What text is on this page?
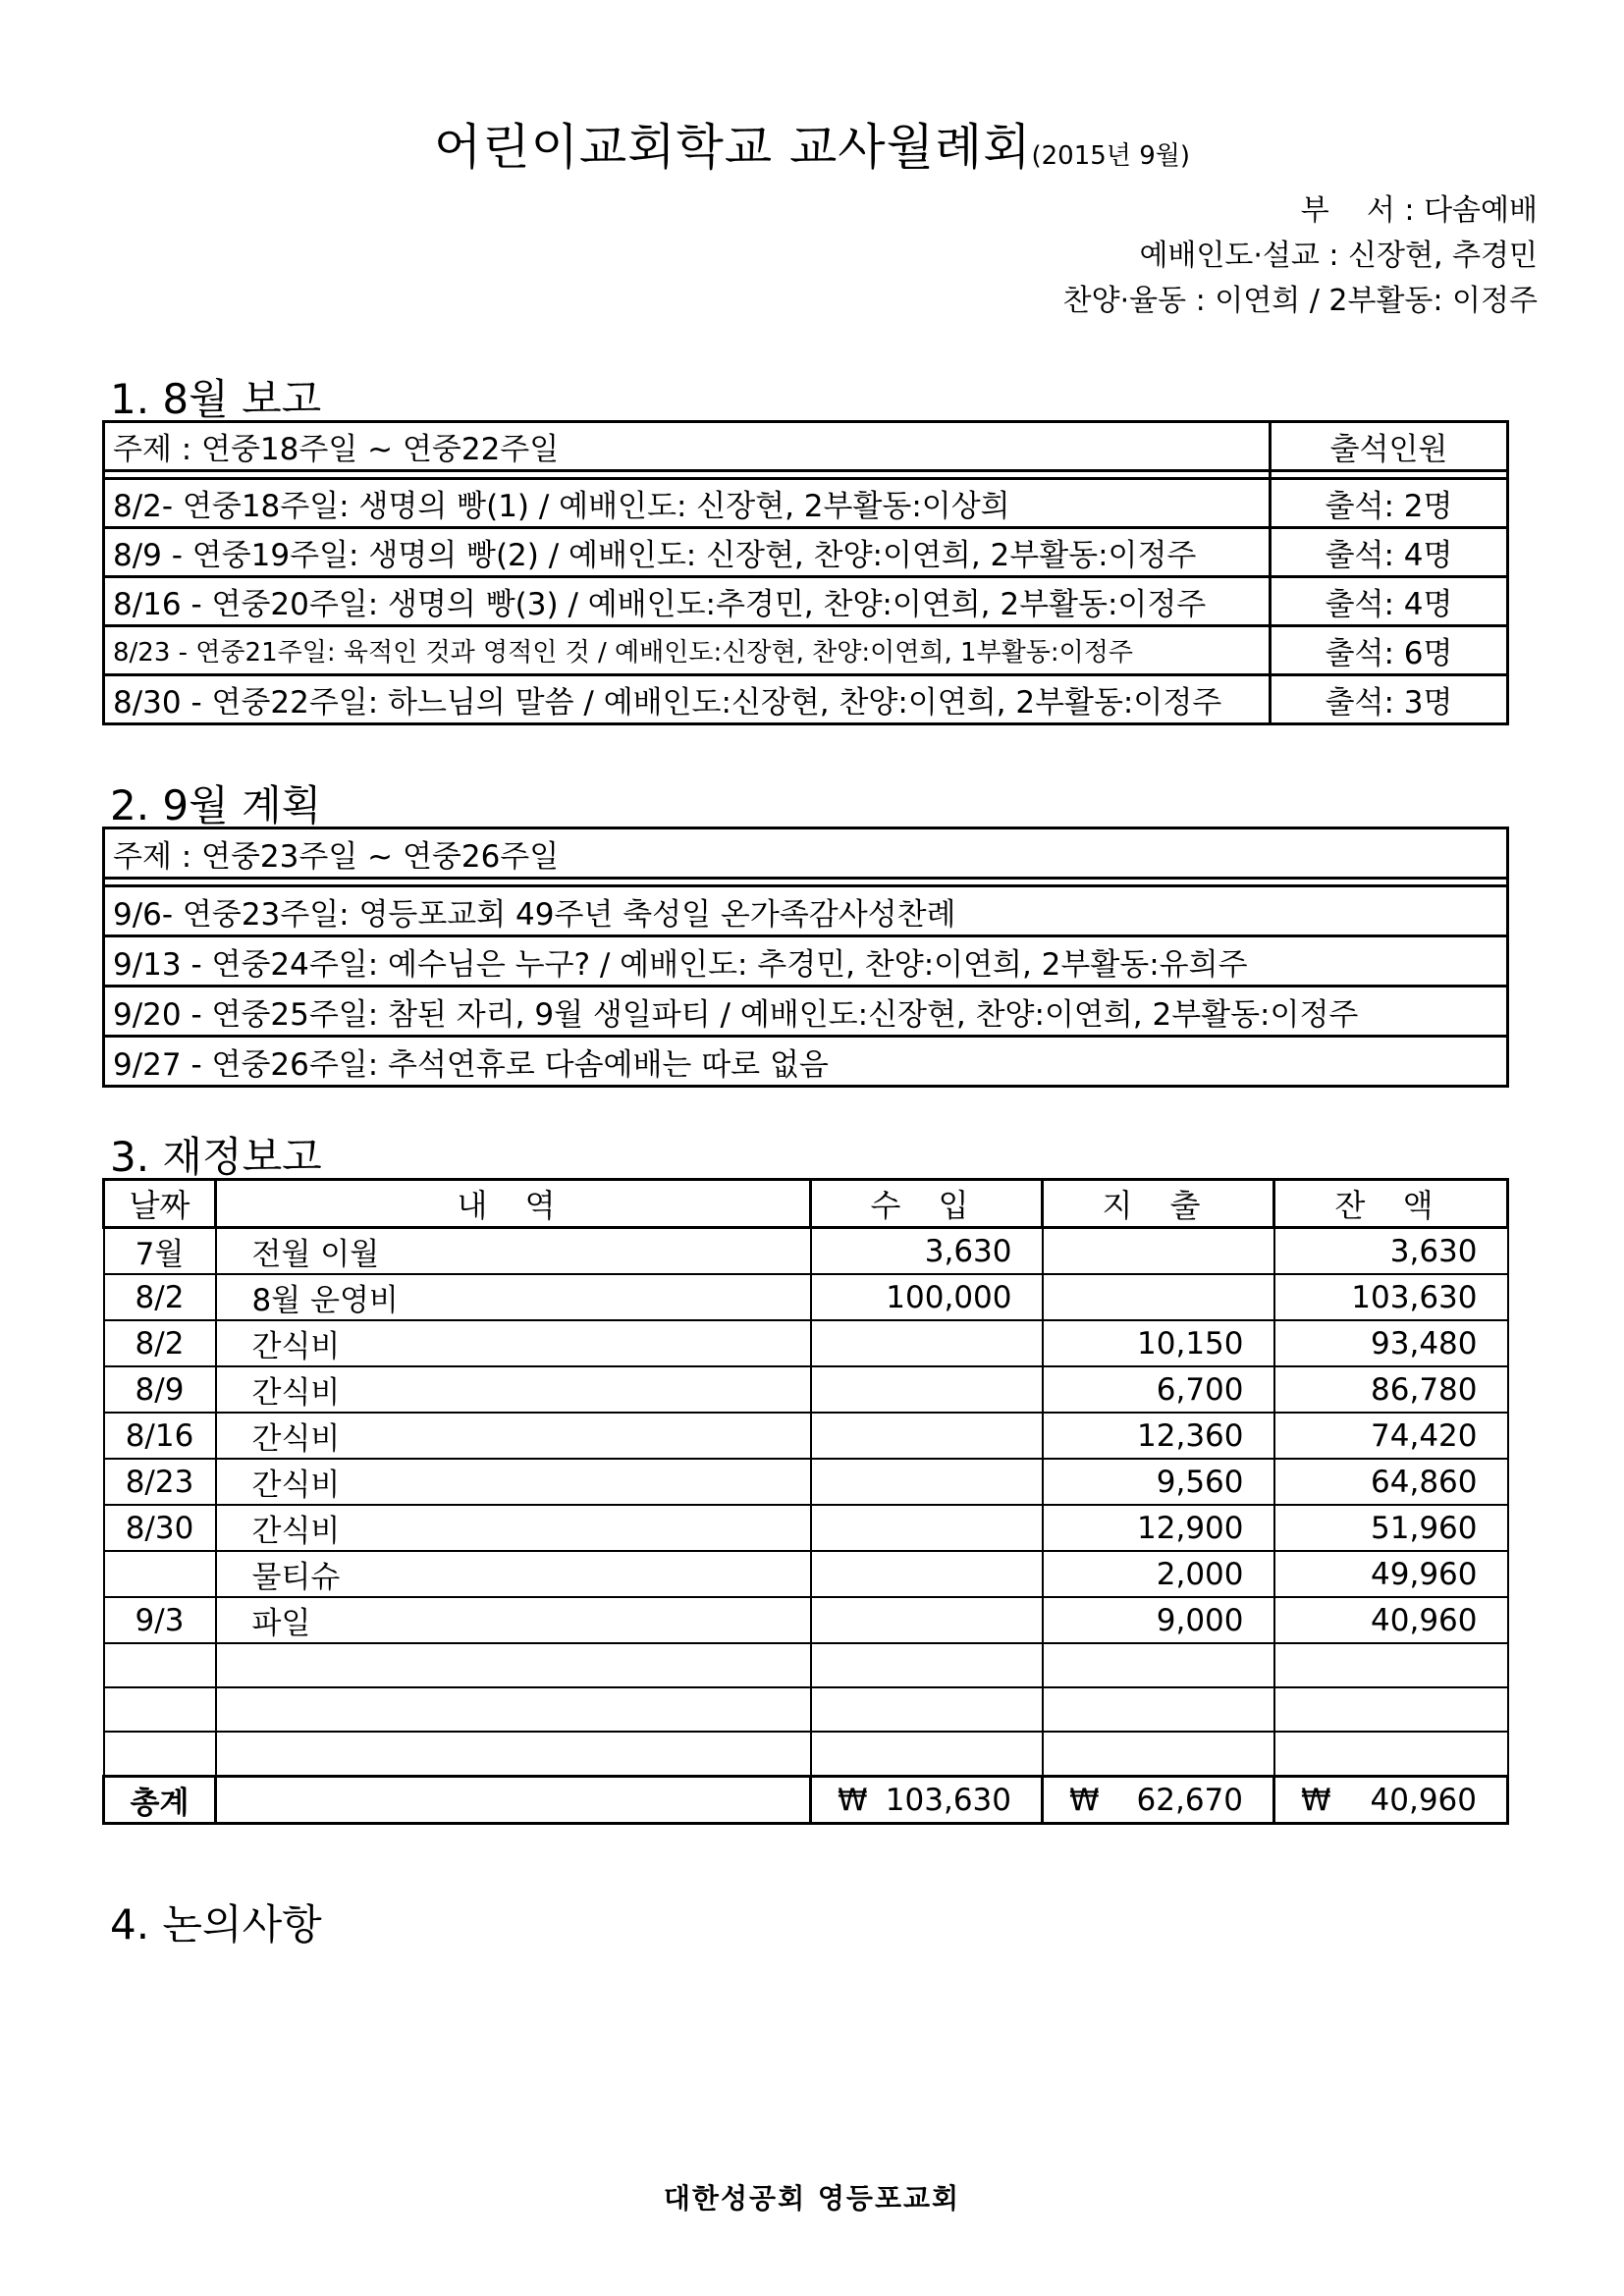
어린이교회학교 교사월례회(2015년 9월)
부    서 : 다솜예배
예배인도·설교 : 신장현, 추경민
찬양·율동 : 이연희 / 2부활동: 이정주
1. 8월 보고
주제 : 연중18주일 ~ 연중22주일	출석인원

8/2- 연중18주일: 생명의 빵(1) / 예배인도: 신장현, 2부활동:이상희	출석: 2명
8/9 - 연중19주일: 생명의 빵(2) / 예배인도: 신장현, 찬양:이연희, 2부활동:이정주	출석: 4명
8/16 - 연중20주일: 생명의 빵(3) / 예배인도:추경민, 찬양:이연희, 2부활동:이정주	출석: 4명
8/23 - 연중21주일: 육적인 것과 영적인 것 / 예배인도:신장현, 찬양:이연희, 1부활동:이정주	출석: 6명
8/30 - 연중22주일: 하느님의 말씀 / 예배인도:신장현, 찬양:이연희, 2부활동:이정주	출석: 3명
2. 9월 계획
주제 : 연중23주일 ~ 연중26주일

9/6- 연중23주일: 영등포교회 49주년 축성일 온가족감사성찬례
9/13 - 연중24주일: 예수님은 누구? / 예배인도: 추경민, 찬양:이연희, 2부활동:유희주
9/20 - 연중25주일: 참된 자리, 9월 생일파티 / 예배인도:신장현, 찬양:이연희, 2부활동:이정주
9/27 - 연중26주일: 추석연휴로 다솜예배는 따로 없음
3. 재정보고
날짜	내 역	수 입	지 출	잔 액
7월	전월 이월	3,630		3,630
8/2	8월 운영비	100,000		103,630
8/2	간식비		10,150	93,480
8/9	간식비		6,700	86,780
8/16	간식비		12,360	74,420
8/23	간식비		9,560	64,860
8/30	간식비		12,900	51,960
	물티슈		2,000	49,960
9/3	파일		9,000	40,960

총계		₩ 103,630	₩ 62,670	₩ 40,960
4. 논의사항
대한성공회 영등포교회
